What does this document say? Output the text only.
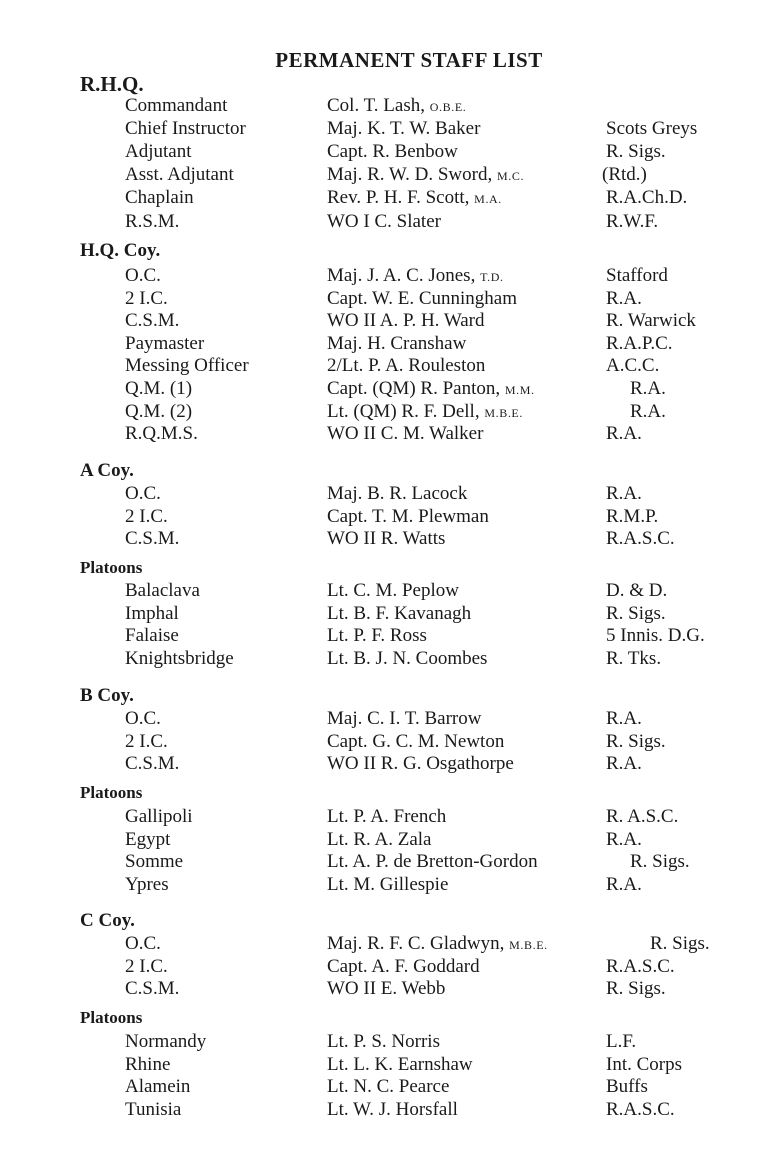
PERMANENT STAFF LIST
R.H.Q.
Commandant	Col. T. Lash, O.B.E.
Chief Instructor	Maj. K. T. W. Baker	Scots Greys
Adjutant	Capt. R. Benbow	R. Sigs.
Asst. Adjutant	Maj. R. W. D. Sword, M.C.	(Rtd.)
Chaplain	Rev. P. H. F. Scott, M.A.	R.A.Ch.D.
R.S.M.	WO I C. Slater	R.W.F.
H.Q. Coy.
O.C.	Maj. J. A. C. Jones, T.D.	Stafford
2 I.C.	Capt. W. E. Cunningham	R.A.
C.S.M.	WO II A. P. H. Ward	R. Warwick
Paymaster	Maj. H. Cranshaw	R.A.P.C.
Messing Officer	2/Lt. P. A. Rouleston	A.C.C.
Q.M. (1)	Capt. (QM) R. Panton, M.M.	R.A.
Q.M. (2)	Lt. (QM) R. F. Dell, M.B.E.	R.A.
R.Q.M.S.	WO II C. M. Walker	R.A.
A Coy.
O.C.	Maj. B. R. Lacock	R.A.
2 I.C.	Capt. T. M. Plewman	R.M.P.
C.S.M.	WO II R. Watts	R.A.S.C.
Platoons
Balaclava	Lt. C. M. Peplow	D. & D.
Imphal	Lt. B. F. Kavanagh	R. Sigs.
Falaise	Lt. P. F. Ross	5 Innis. D.G.
Knightsbridge	Lt. B. J. N. Coombes	R. Tks.
B Coy.
O.C.	Maj. C. I. T. Barrow	R.A.
2 I.C.	Capt. G. C. M. Newton	R. Sigs.
C.S.M.	WO II R. G. Osgathorpe	R.A.
Platoons
Gallipoli	Lt. P. A. French	R. A.S.C.
Egypt	Lt. R. A. Zala	R.A.
Somme	Lt. A. P. de Bretton-Gordon	R. Sigs.
Ypres	Lt. M. Gillespie	R.A.
C Coy.
O.C.	Maj. R. F. C. Gladwyn, M.B.E.	R. Sigs.
2 I.C.	Capt. A. F. Goddard	R.A.S.C.
C.S.M.	WO II E. Webb	R. Sigs.
Platoons
Normandy	Lt. P. S. Norris	L.F.
Rhine	Lt. L. K. Earnshaw	Int. Corps
Alamein	Lt. N. C. Pearce	Buffs
Tunisia	Lt. W. J. Horsfall	R.A.S.C.
